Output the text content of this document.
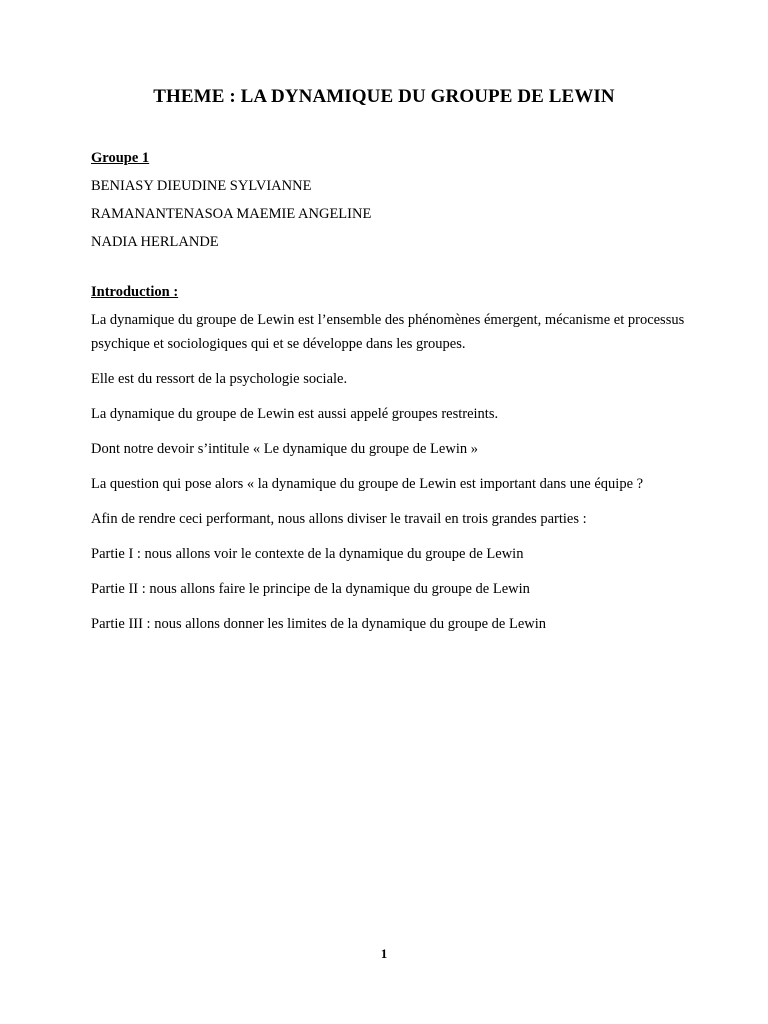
THEME : LA DYNAMIQUE DU GROUPE DE LEWIN

Groupe 1

BENIASY DIEUDINE SYLVIANNE

RAMANANTENASOA MAEMIE ANGELINE

NADIA HERLANDE

Introduction :

La dynamique du groupe de Lewin est l’ensemble des phénomènes émergent, mécanisme et processus psychique et sociologiques qui et se développe dans les groupes.

Elle est du ressort de la psychologie sociale.

La dynamique du groupe de Lewin est aussi appelé groupes restreints.

Dont notre devoir s’intitule « Le dynamique du groupe de Lewin »

La question qui pose alors « la dynamique du groupe de Lewin est important dans une équipe ?

Afin de rendre ceci performant, nous allons diviser le travail en trois grandes parties :

Partie I : nous allons voir le contexte de la dynamique du groupe de Lewin

Partie II : nous allons faire le principe de la dynamique du groupe de Lewin

Partie III : nous allons donner les limites de la dynamique du groupe de Lewin

1
